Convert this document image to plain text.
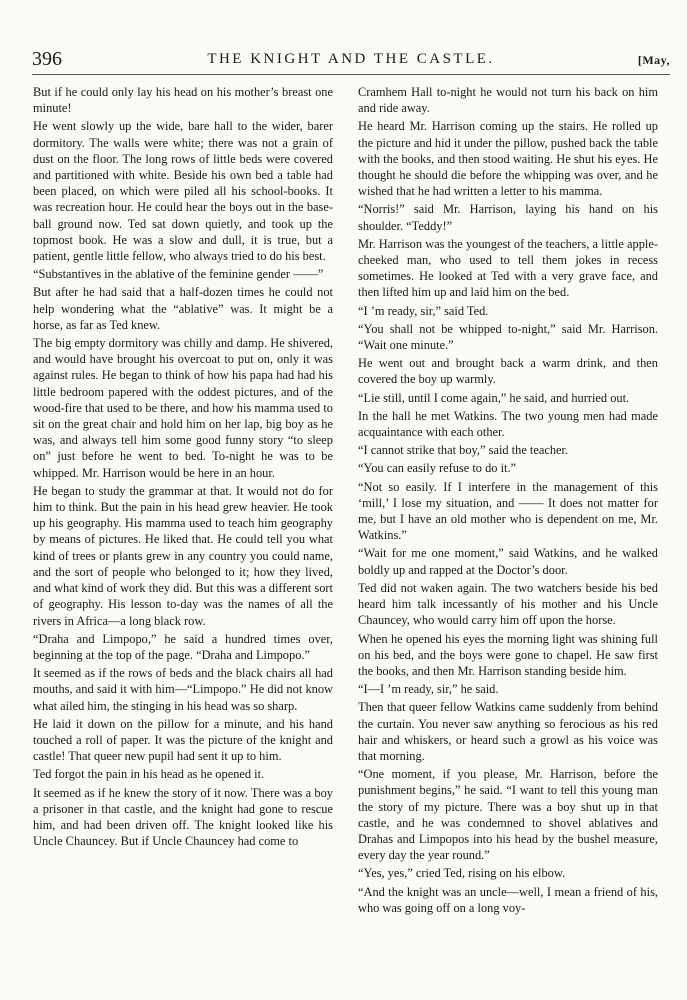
396	THE KNIGHT AND THE CASTLE.	[May,

But if he could only lay his head on his mother’s breast one minute!

He went slowly up the wide, bare hall to the wider, barer dormitory. The walls were white; there was not a grain of dust on the floor. The long rows of little beds were covered and partitioned with white. Beside his own bed a table had been placed, on which were piled all his school-books. It was recreation hour. He could hear the boys out in the base-ball ground now. Ted sat down quietly, and took up the topmost book. He was a slow and dull, it is true, but a patient, gentle little fellow, who always tried to do his best.

“Substantives in the ablative of the feminine gender ——”

But after he had said that a half-dozen times he could not help wondering what the “ablative” was. It might be a horse, as far as Ted knew.

The big empty dormitory was chilly and damp. He shivered, and would have brought his overcoat to put on, only it was against rules. He began to think of how his papa had had his little bedroom papered with the oddest pictures, and of the wood-fire that used to be there, and how his mamma used to sit on the great chair and hold him on her lap, big boy as he was, and always tell him some good funny story “to sleep on” just before he went to bed. To-night he was to be whipped. Mr. Harrison would be here in an hour.

He began to study the grammar at that. It would not do for him to think. But the pain in his head grew heavier. He took up his geography. His mamma used to teach him geography by means of pictures. He liked that. He could tell you what kind of trees or plants grew in any country you could name, and the sort of people who belonged to it; how they lived, and what kind of work they did. But this was a different sort of geography. His lesson to-day was the names of all the rivers in Africa—a long black row.

“Draha and Limpopo,” he said a hundred times over, beginning at the top of the page. “Draha and Limpopo.”

It seemed as if the rows of beds and the black chairs all had mouths, and said it with him—“Limpopo.” He did not know what ailed him, the stinging in his head was so sharp.

He laid it down on the pillow for a minute, and his hand touched a roll of paper. It was the picture of the knight and castle! That queer new pupil had sent it up to him.

Ted forgot the pain in his head as he opened it.

It seemed as if he knew the story of it now. There was a boy a prisoner in that castle, and the knight had gone to rescue him, and had been driven off. The knight looked like his Uncle Chauncey. But if Uncle Chauncey had come to

Cramhem Hall to-night he would not turn his back on him and ride away.

He heard Mr. Harrison coming up the stairs. He rolled up the picture and hid it under the pillow, pushed back the table with the books, and then stood waiting. He shut his eyes. He thought he should die before the whipping was over, and he wished that he had written a letter to his mamma.

“Norris!” said Mr. Harrison, laying his hand on his shoulder. “Teddy!”

Mr. Harrison was the youngest of the teachers, a little apple-cheeked man, who used to tell them jokes in recess sometimes. He looked at Ted with a very grave face, and then lifted him up and laid him on the bed.

“I ’m ready, sir,” said Ted.

“You shall not be whipped to-night,” said Mr. Harrison. “Wait one minute.”

He went out and brought back a warm drink, and then covered the boy up warmly.

“Lie still, until I come again,” he said, and hurried out.

In the hall he met Watkins. The two young men had made acquaintance with each other.

“I cannot strike that boy,” said the teacher.

“You can easily refuse to do it.”

“Not so easily. If I interfere in the management of this ‘mill,’ I lose my situation, and —— It does not matter for me, but I have an old mother who is dependent on me, Mr. Watkins.”

“Wait for me one moment,” said Watkins, and he walked boldly up and rapped at the Doctor’s door.

Ted did not waken again. The two watchers beside his bed heard him talk incessantly of his mother and his Uncle Chauncey, who would carry him off upon the horse.

When he opened his eyes the morning light was shining full on his bed, and the boys were gone to chapel. He saw first the books, and then Mr. Harrison standing beside him.

“I—I ’m ready, sir,” he said.

Then that queer fellow Watkins came suddenly from behind the curtain. You never saw anything so ferocious as his red hair and whiskers, or heard such a growl as his voice was that morning.

“One moment, if you please, Mr. Harrison, before the punishment begins,” he said. “I want to tell this young man the story of my picture. There was a boy shut up in that castle, and he was condemned to shovel ablatives and Drahas and Limpopos into his head by the bushel measure, every day the year round.”

“Yes, yes,” cried Ted, rising on his elbow.

“And the knight was an uncle—well, I mean a friend of his, who was going off on a long voy-
